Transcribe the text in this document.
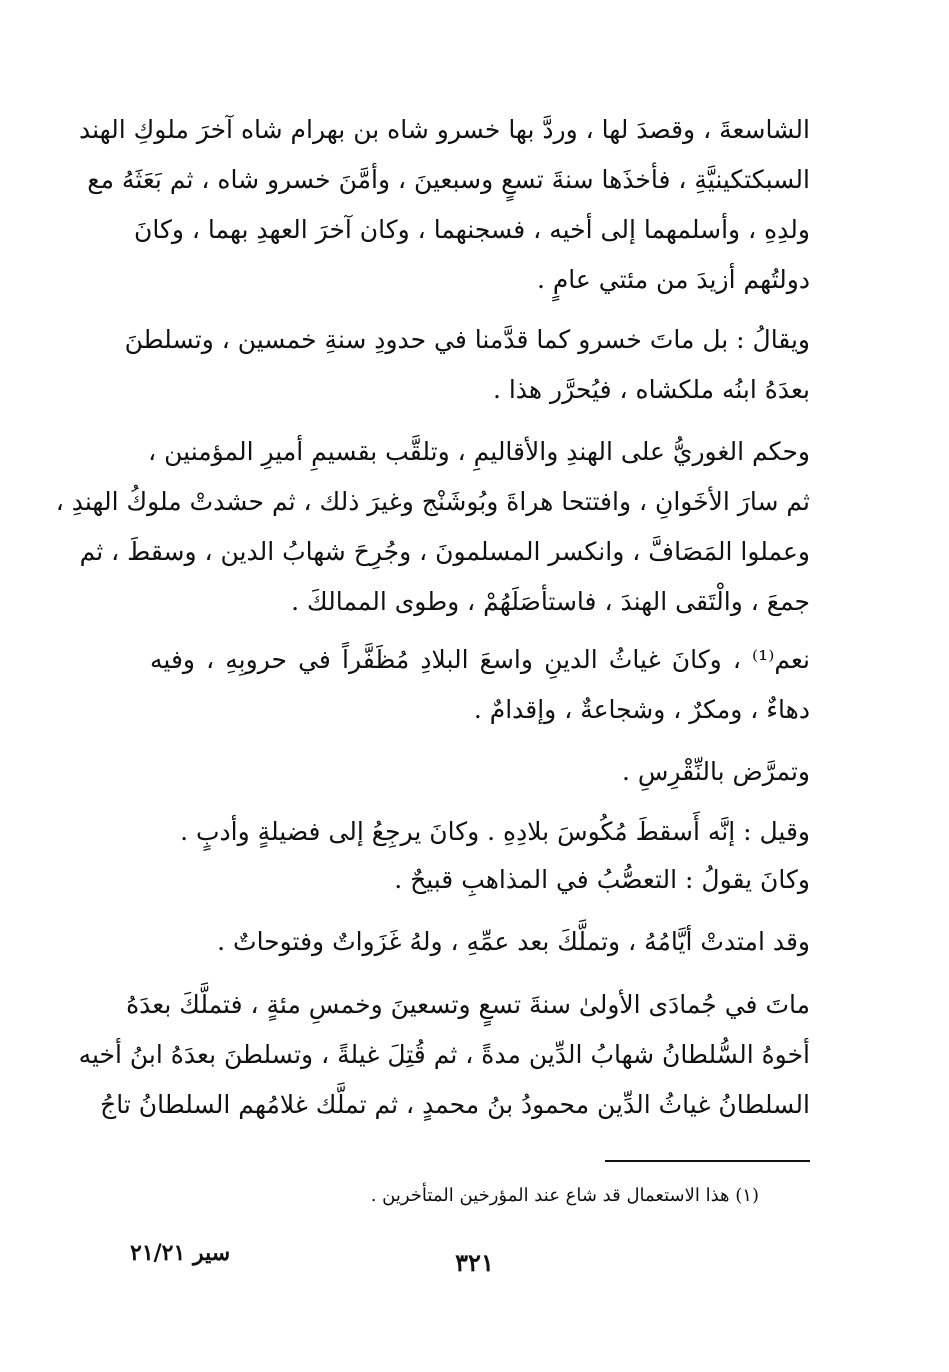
الشاسعةَ ، وقصدَ لها ، وردَّ بها خسرو شاه بن بهرام شاه آخرَ ملوكِ الهند
السبكتكينيَّةِ ، فأخذَها سنةَ تسعٍ وسبعينَ ، وأمَّنَ خسرو شاه ، ثم بَعَثَهُ مع
ولدِهِ ، وأسلمهما إلى أخيه ، فسجنهما ، وكان آخرَ العهدِ بهما ، وكانَ
دولتُهم أزيدَ من مئتي عامٍ .
ويقالُ : بل ماتَ خسرو كما قدَّمنا في حدودِ سنةِ خمسين ، وتسلطنَ
بعدَهُ ابنُه ملكشاه ، فيُحرَّر هذا .
وحكم الغوريُّ على الهندِ والأقاليمِ ، وتلقَّب بقسيمِ أميرِ المؤمنين ،
ثم سارَ الأخَوانِ ، وافتتحا هراةَ وبُوشَنْج وغيرَ ذلك ، ثم حشدتْ ملوكُ الهندِ ،
وعملوا المَصَافَّ ، وانكسر المسلمونَ ، وجُرِحَ شهابُ الدين ، وسقطَ ، ثم
جمعَ ، والْتَقى الهندَ ، فاستأصَلَهُمْ ، وطوى الممالكَ .
نعم⁽¹⁾ ، وكانَ غياثُ الدينِ واسعَ البلادِ مُظَفَّراً في حروبِهِ ، وفيه
دهاءٌ ، ومكرٌ ، وشجاعةٌ ، وإقدامٌ .
وتمرَّض بالنِّقْرِسِ .
وقيل : إنَّه أَسقطَ مُكُوسَ بلادِهِ . وكانَ يرجِعُ إلى فضيلةٍ وأدبٍ .
وكانَ يقولُ : التعصُّبُ في المذاهبِ قبيحٌ .
وقد امتدتْ أيَّامُهُ ، وتملَّكَ بعد عمِّهِ ، ولهُ غَزَواتٌ وفتوحاتٌ .
ماتَ في جُمادَى الأولىٰ سنةَ تسعٍ وتسعينَ وخمسِ مئةٍ ، فتملَّكَ بعدَهُ
أخوهُ السُّلطانُ شهابُ الدِّين مدةً ، ثم قُتِلَ غيلةً ، وتسلطنَ بعدَهُ ابنُ أخيه
السلطانُ غياثُ الدِّين محمودُ بنُ محمدٍ ، ثم تملَّك غلامُهم السلطانُ تاجُ
(١) هذا الاستعمال قد شاع عند المؤرخين المتأخرين .
٣٢١
سير ٢١/٢١
